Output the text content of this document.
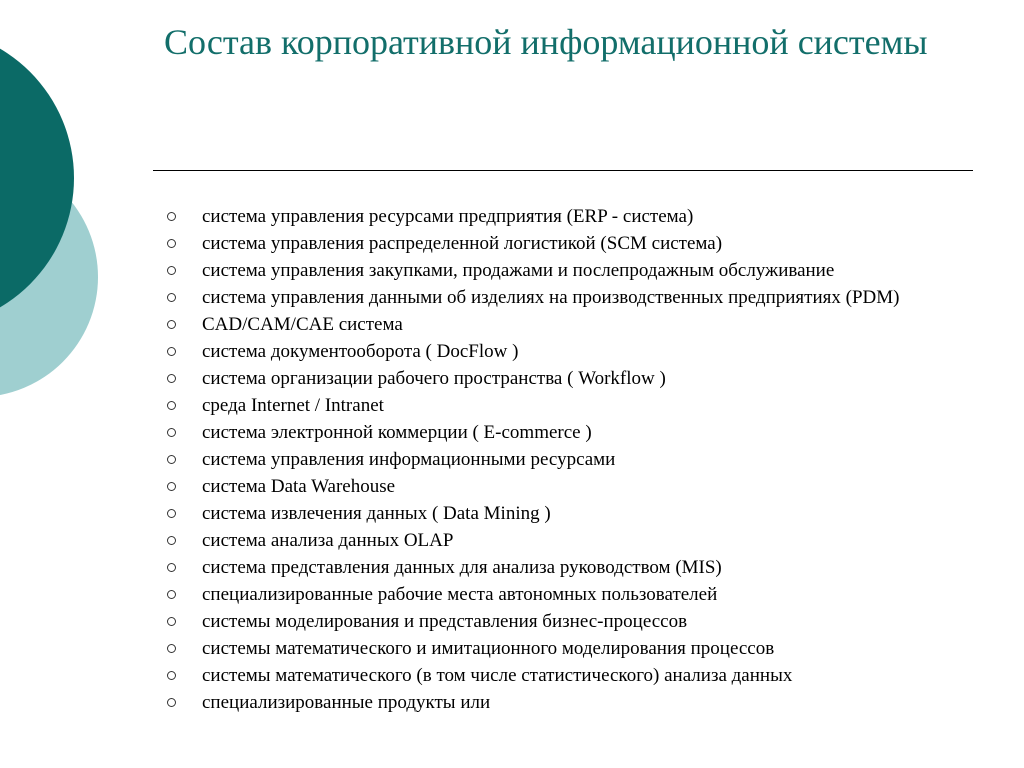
Состав корпоративной информационной системы
система управления ресурсами предприятия (ERP - система)
система управления распределенной логистикой (SCM система)
система управления закупками, продажами и послепродажным обслуживание
система управления данными об изделиях на производственных предприятиях (PDM)
CAD/CAM/CAE система
система документооборота ( DocFlow )
система организации рабочего пространства ( Workflow )
среда Internet / Intranet
система электронной коммерции ( E-commerce )
система управления информационными ресурсами
система Data Warehouse
система извлечения данных ( Data Mining )
система анализа данных OLAP
система представления данных для анализа руководством (MIS)
специализированные рабочие места автономных пользователей
системы моделирования и представления бизнес-процессов
системы математического и имитационного моделирования процессов
системы математического (в том числе статистического) анализа данных
специализированные продукты или
